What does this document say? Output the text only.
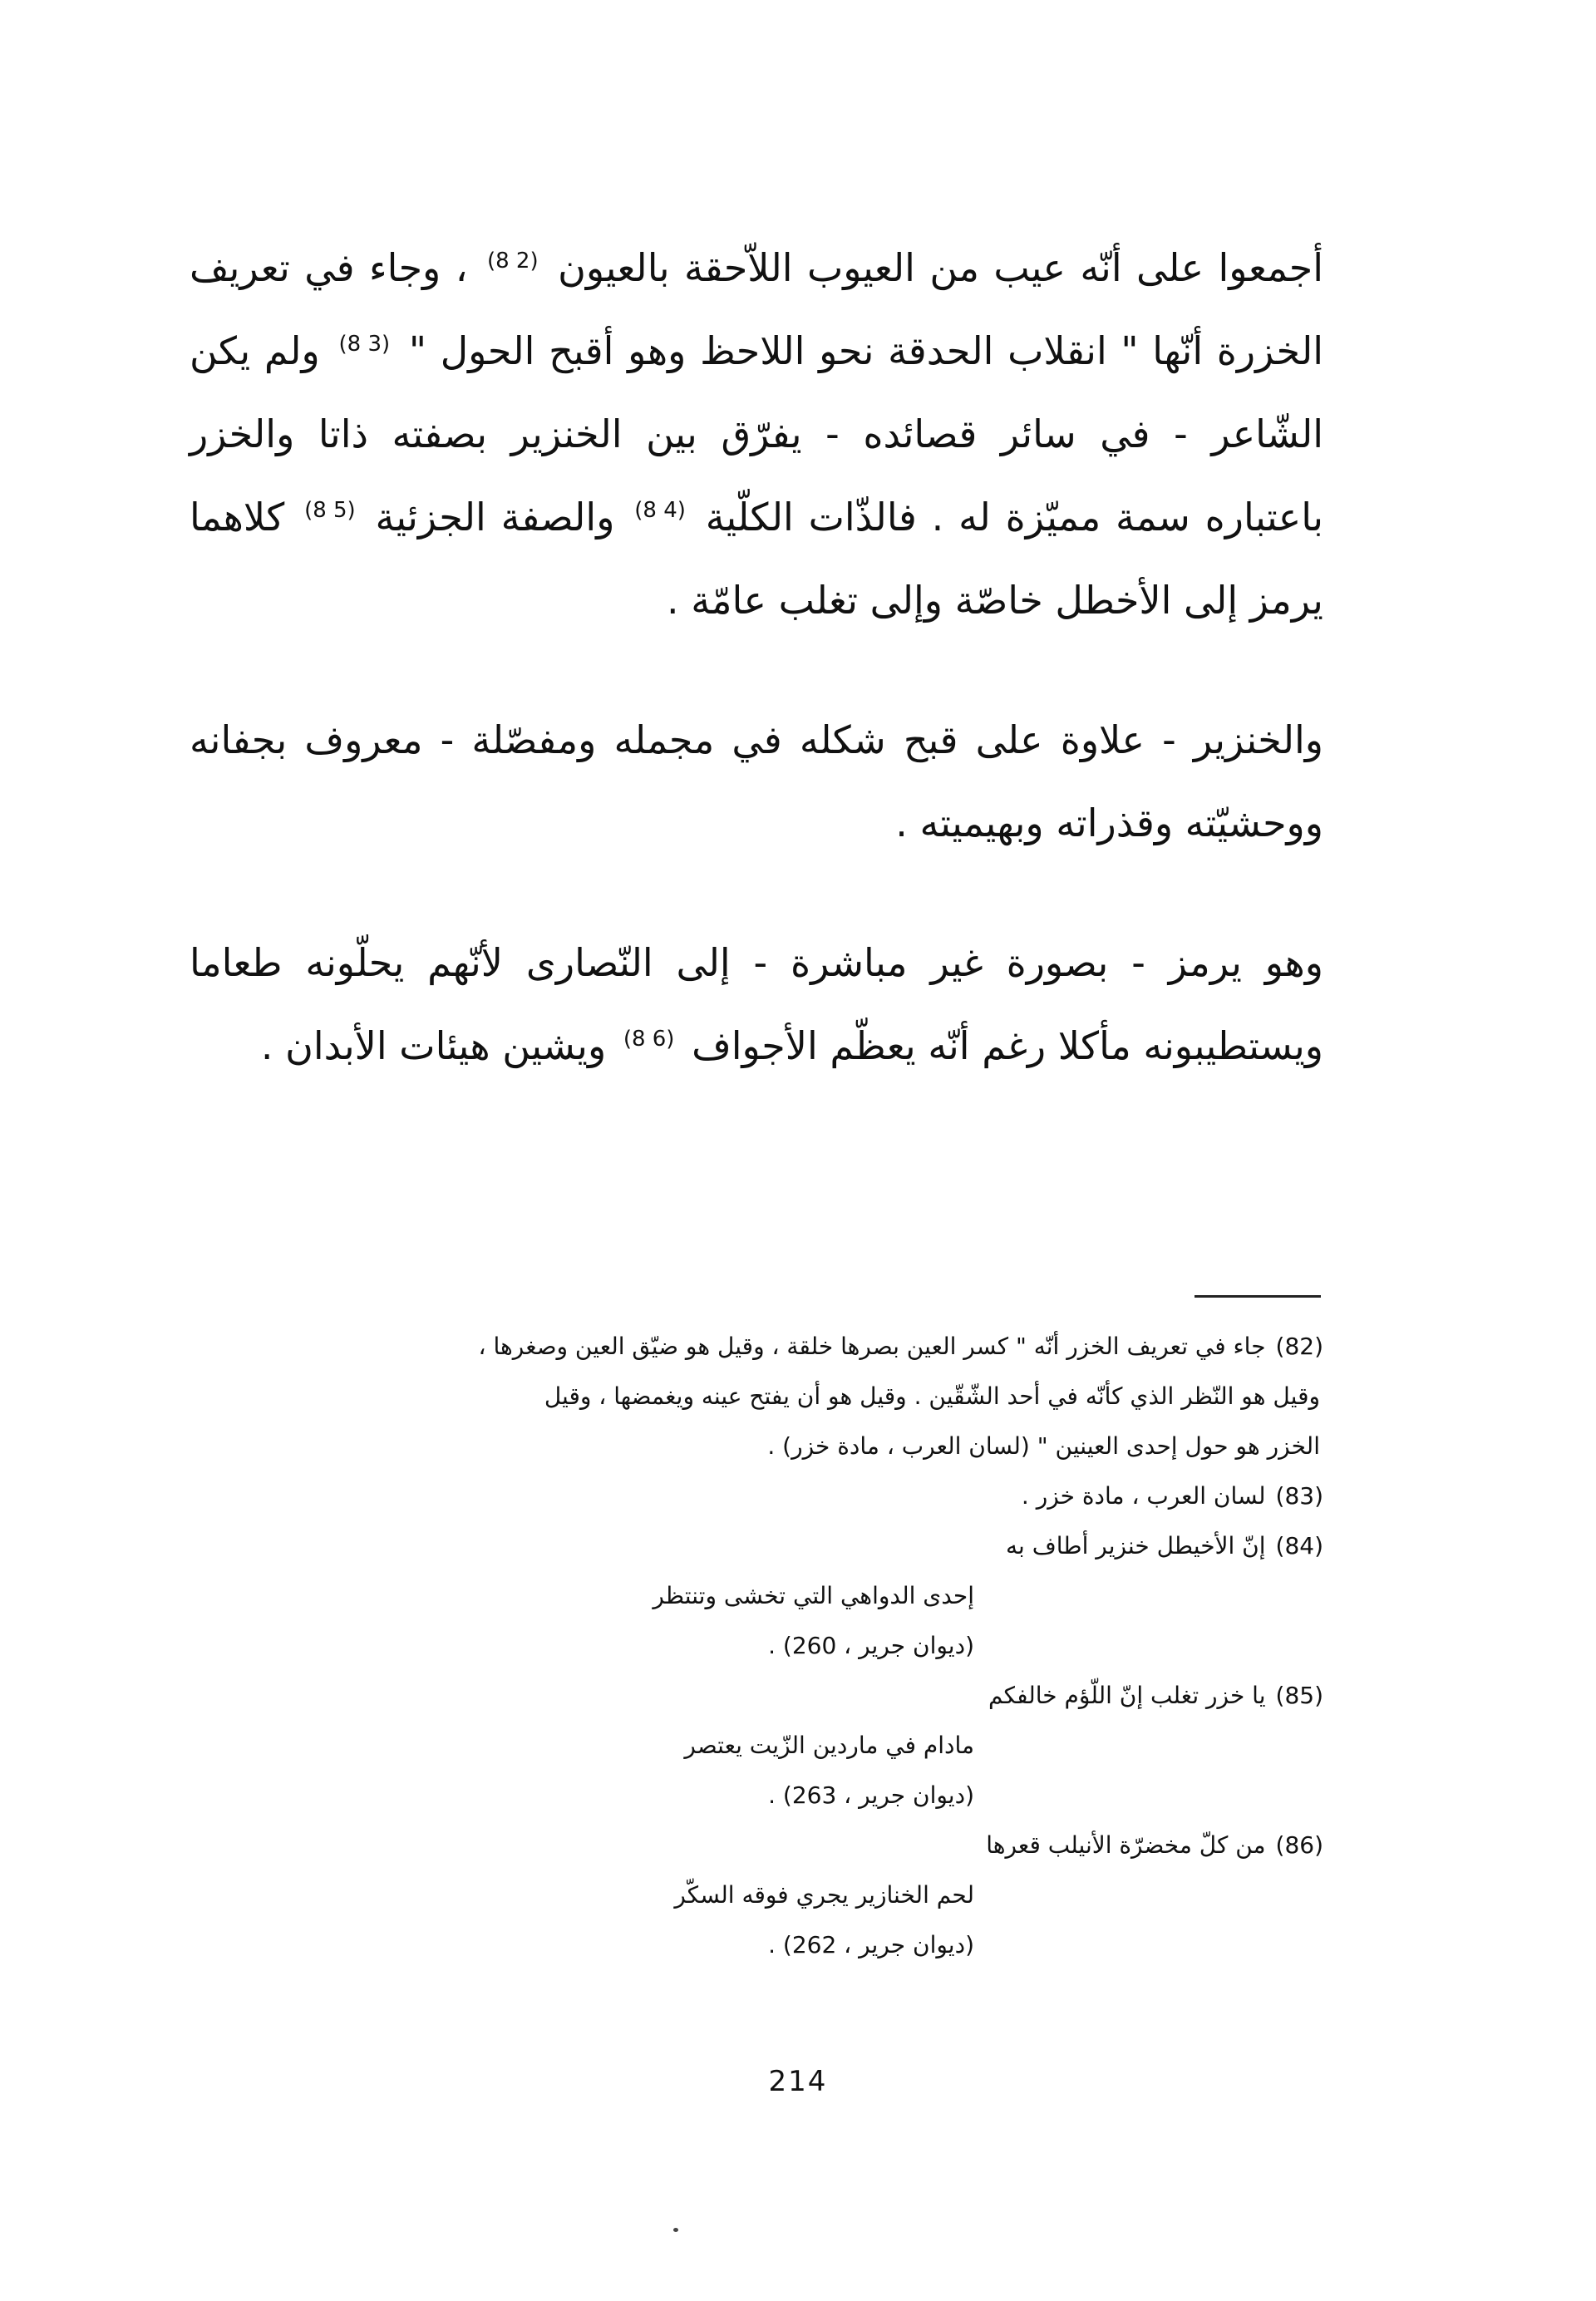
أجمعوا على أنّه عيب من العيوب اللاّحقة بالعيون (8 2) ، وجاء في تعريف الخزرة أنّها " انقلاب الحدقة نحو اللاحظ وهو أقبح الحول " (8 3) ولم يكن الشّاعر - في سائر قصائده - يفرّق بين الخنزير بصفته ذاتا والخزر باعتباره سمة مميّزة له . فالذّات الكلّية (8 4) والصفة الجزئية (8 5) كلاهما يرمز إلى الأخطل خاصّة وإلى تغلب عامّة .

والخنزير - علاوة على قبح شكله في مجمله ومفصّلة - معروف بجفانه ووحشيّته وقذراته وبهيميته .

وهو يرمز - بصورة غير مباشرة - إلى النّصارى لأنّهم يحلّونه طعاما ويستطيبونه مأكلا رغم أنّه يعظّم الأجواف (8 6) ويشين هيئات الأبدان .

(82)جاء في تعريف الخزر أنّه " كسر العين بصرها خلقة ، وقيل هو ضيّق العين وصغرها ،

وقيل هو النّظر الذي كأنّه في أحد الشّقّين . وقيل هو أن يفتح عينه ويغمضها ، وقيل

الخزر هو حول إحدى العينين " (لسان العرب ، مادة خزر) .

(83)لسان العرب ، مادة خزر .

(84)إنّ الأخيطل خنزير أطاف به

إحدى الدواهي التي تخشى وتنتظر

(ديوان جرير ، 260) .

(85)يا خزر تغلب إنّ اللّؤم خالفكم

مادام في ماردين الزّيت يعتصر

(ديوان جرير ، 263) .

(86)من كلّ مخضرّة الأنيلب قعرها

لحم الخنازير يجري فوقه السكّر

(ديوان جرير ، 262) .

214
